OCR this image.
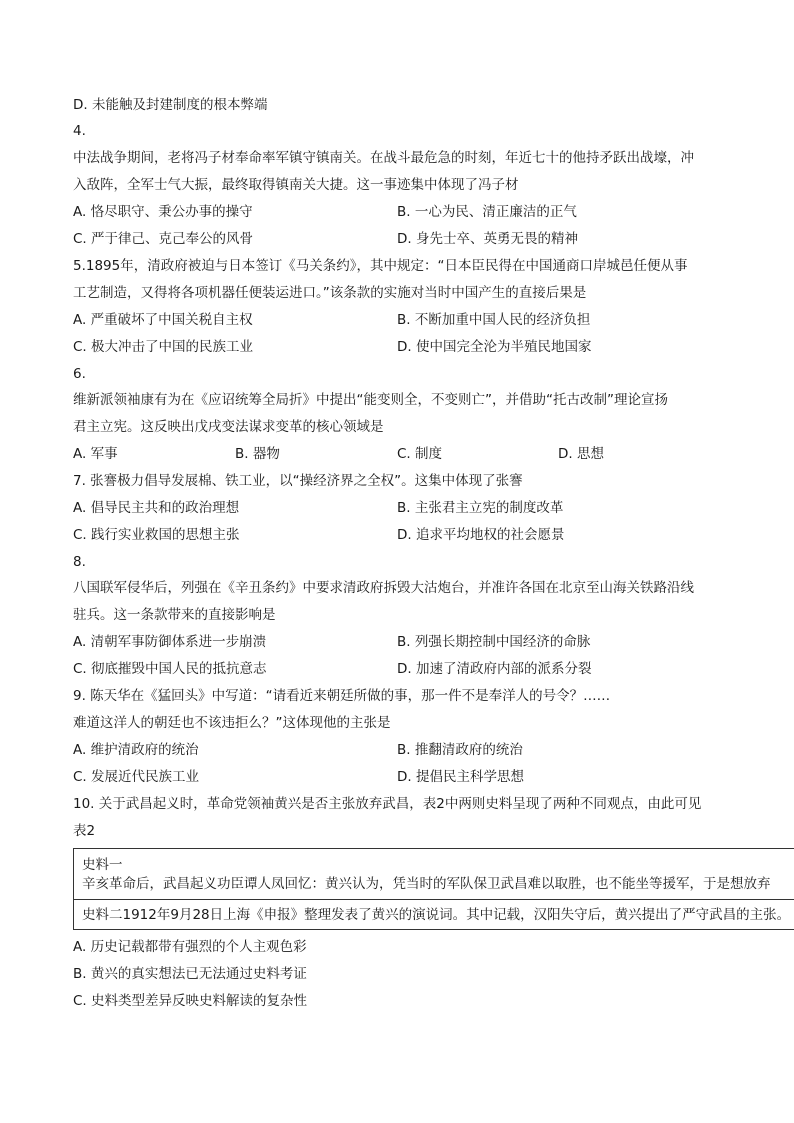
D. 未能触及封建制度的根本弊端
4.
中法战争期间，老将冯子材奉命率军镇守镇南关。在战斗最危急的时刻，年近七十的他持矛跃出战壕，冲
入敌阵，全军士气大振，最终取得镇南关大捷。这一事迹集中体现了冯子材
A. 恪尽职守、秉公办事的操守	B. 一心为民、清正廉洁的正气
C. 严于律己、克己奉公的风骨	D. 身先士卒、英勇无畏的精神
5.1895年，清政府被迫与日本签订《马关条约》，其中规定：“日本臣民得在中国通商口岸城邑任便从事
工艺制造，又得将各项机器任便装运进口。”该条款的实施对当时中国产生的直接后果是
A. 严重破坏了中国关税自主权	B. 不断加重中国人民的经济负担
C. 极大冲击了中国的民族工业	D. 使中国完全沦为半殖民地国家
6.
维新派领袖康有为在《应诏统筹全局折》中提出“能变则全，不变则亡”，并借助“托古改制”理论宣扬
君主立宪。这反映出戊戌变法谋求变革的核心领域是
A. 军事	B. 器物	C. 制度	D. 思想
7. 张謇极力倡导发展棉、铁工业，以“操经济界之全权”。这集中体现了张謇
A. 倡导民主共和的政治理想	B. 主张君主立宪的制度改革
C. 践行实业救国的思想主张	D. 追求平均地权的社会愿景
8.
八国联军侵华后，列强在《辛丑条约》中要求清政府拆毁大沽炮台，并准许各国在北京至山海关铁路沿线
驻兵。这一条款带来的直接影响是
A. 清朝军事防御体系进一步崩溃	B. 列强长期控制中国经济的命脉
C. 彻底摧毁中国人民的抵抗意志	D. 加速了清政府内部的派系分裂
9. 陈天华在《猛回头》中写道：“请看近来朝廷所做的事，那一件不是奉洋人的号令？……
难道这洋人的朝廷也不该违拒么？”这体现他的主张是
A. 维护清政府的统治	B. 推翻清政府的统治
C. 发展近代民族工业	D. 提倡民主科学思想
10. 关于武昌起义时，革命党领袖黄兴是否主张放弃武昌，表2中两则史料呈现了两种不同观点，由此可见
表2
史料一
辛亥革命后，武昌起义功臣谭人凤回忆：黄兴认为，凭当时的军队保卫武昌难以取胜，也不能坐等援军，于是想放弃
史料二1912年9月28日上海《申报》整理发表了黄兴的演说词。其中记载，汉阳失守后，黄兴提出了严守武昌的主张。
A. 历史记载都带有强烈的个人主观色彩
B. 黄兴的真实想法已无法通过史料考证
C. 史料类型差异反映史料解读的复杂性
